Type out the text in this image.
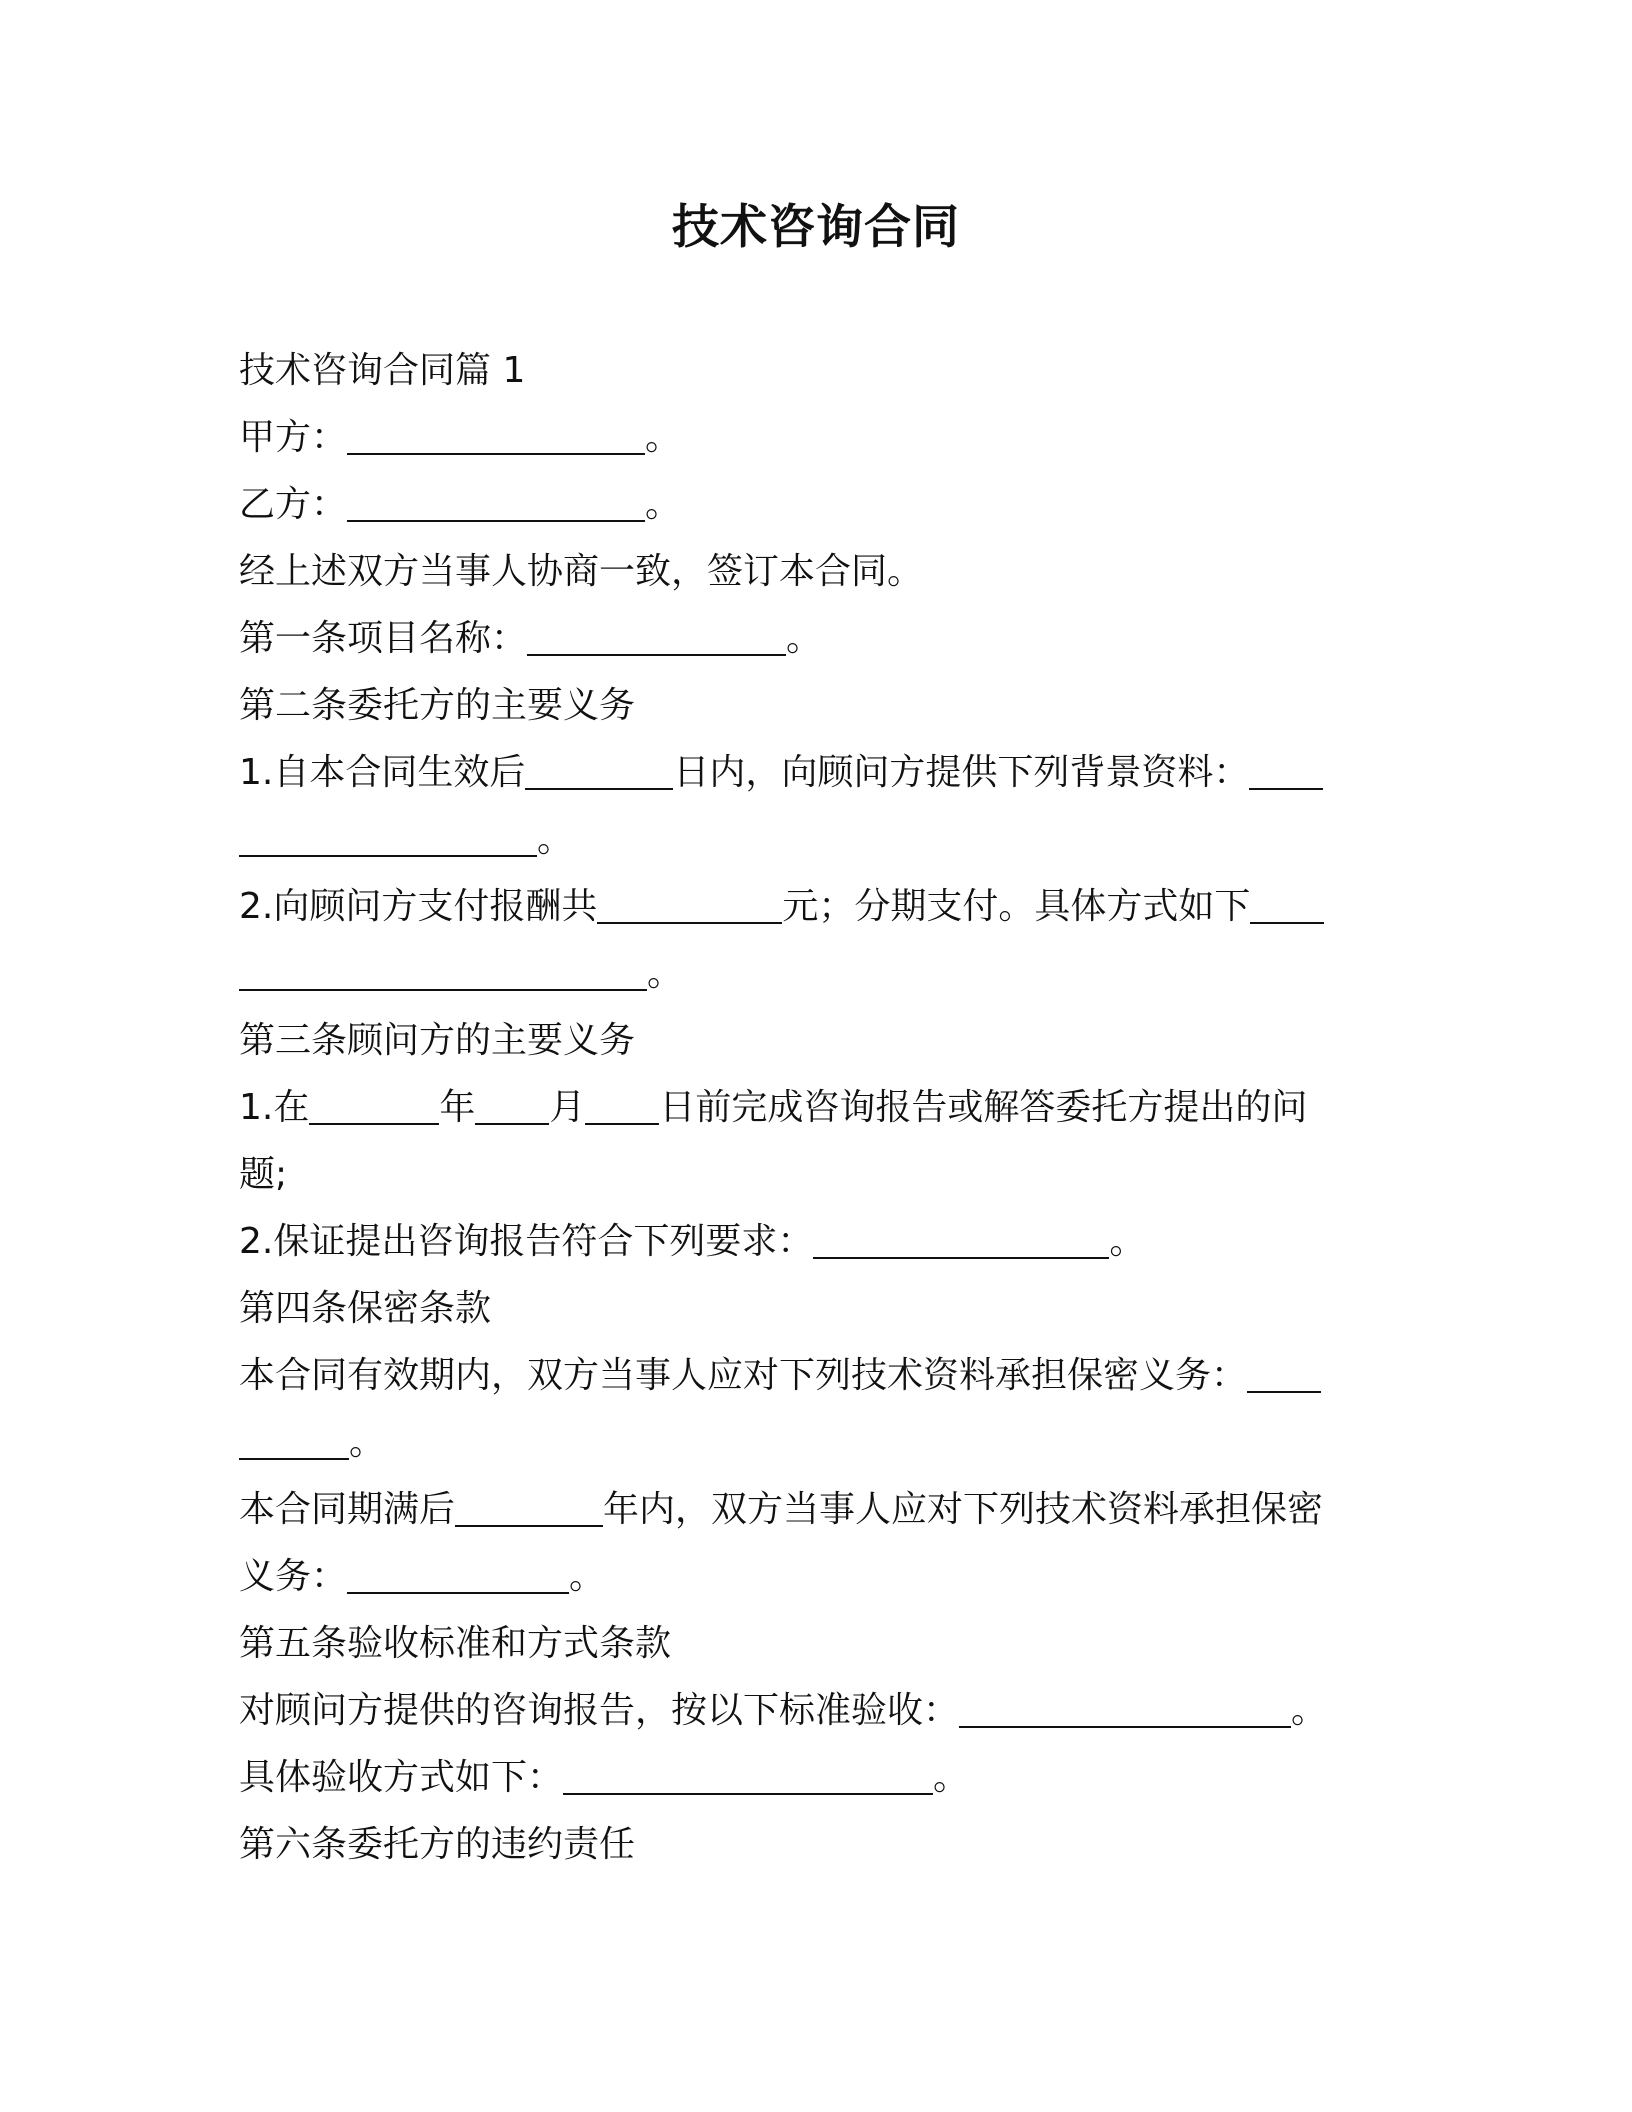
技术咨询合同
技术咨询合同篇 1
甲方：	。
乙方：	。
经上述双方当事人协商一致，签订本合同。
第一条项目名称：	。
第二条委托方的主要义务
1.自本合同生效后	日内，向顾问方提供下列背景资料：
。
2.向顾问方支付报酬共	元；分期支付。具体方式如下
。
第三条顾问方的主要义务
1.在	年 月 日前完成咨询报告或解答委托方提出的问
题;
2.保证提出咨询报告符合下列要求：	。
第四条保密条款
本合同有效期内，双方当事人应对下列技术资料承担保密义务：
。
本合同期满后	年内，双方当事人应对下列技术资料承担保密
义务：	。
第五条验收标准和方式条款
对顾问方提供的咨询报告，按以下标准验收：	。
具体验收方式如下：	。
第六条委托方的违约责任
